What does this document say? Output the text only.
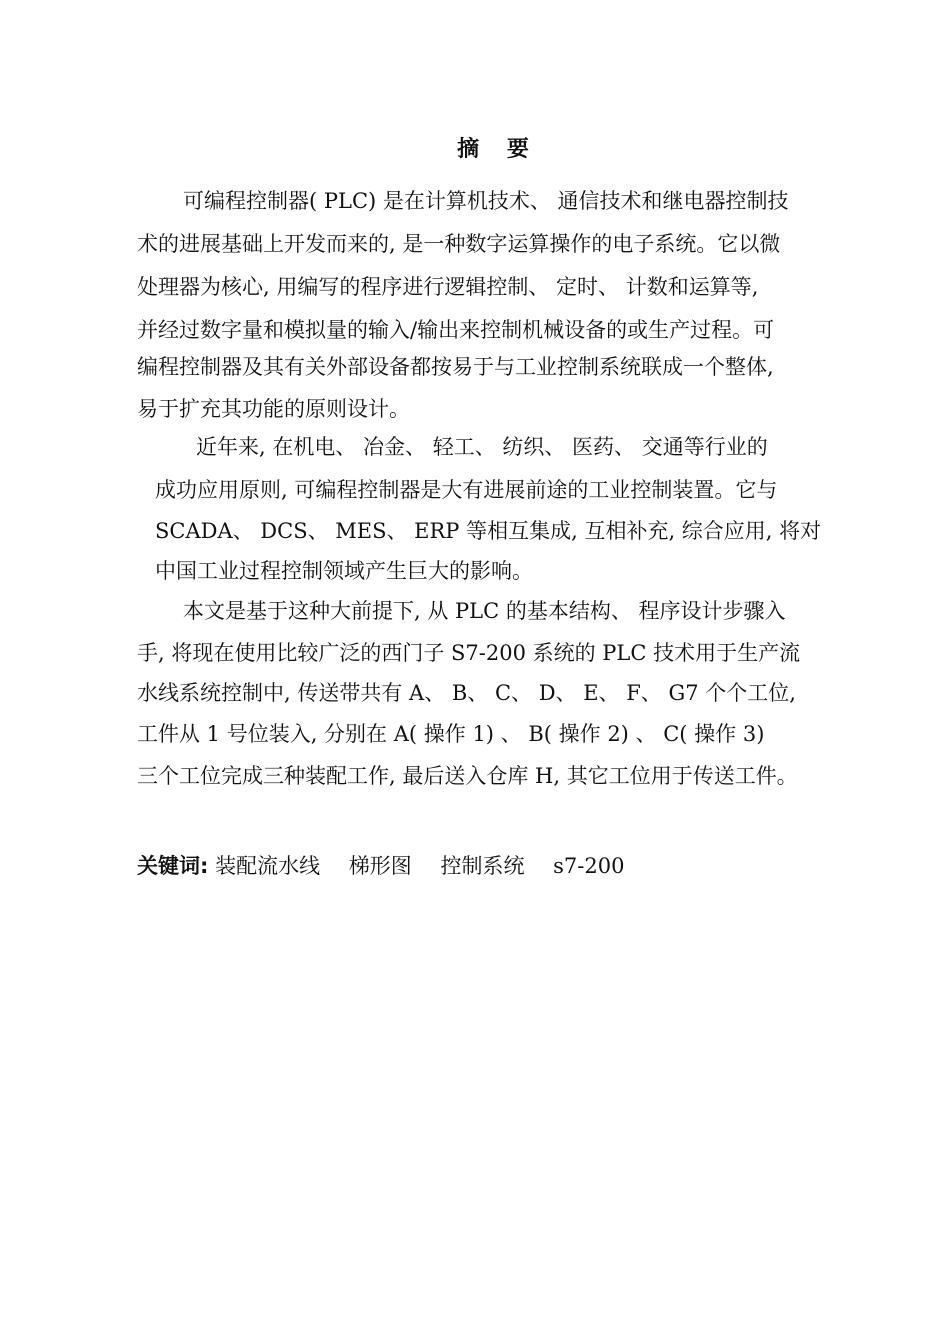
摘 要
可编程控制器( PLC) 是在计算机技术、 通信技术和继电器控制技
术的进展基础上开发而来的, 是一种数字运算操作的电子系统。它以微
处理器为核心, 用编写的程序进行逻辑控制、 定时、 计数和运算等,
并经过数字量和模拟量的输入/输出来控制机械设备的或生产过程。可
编程控制器及其有关外部设备都按易于与工业控制系统联成一个整体,
易于扩充其功能的原则设计。
近年来, 在机电、 冶金、 轻工、 纺织、 医药、 交通等行业的
成功应用原则, 可编程控制器是大有进展前途的工业控制装置。它与
SCADA、 DCS、 MES、 ERP 等相互集成, 互相补充, 综合应用, 将对
中国工业过程控制领域产生巨大的影响。
本文是基于这种大前提下, 从 PLC 的基本结构、 程序设计步骤入
手, 将现在使用比较广泛的西门子 S7-200 系统的 PLC 技术用于生产流
水线系统控制中, 传送带共有 A、 B、 C、 D、 E、 F、 G7 个个工位,
工件从 1 号位装入, 分别在 A( 操作 1) 、 B( 操作 2) 、 C( 操作 3)
三个工位完成三种装配工作, 最后送入仓库 H, 其它工位用于传送工件。
关键词: 装配流水线 梯形图 控制系统 s7-200
